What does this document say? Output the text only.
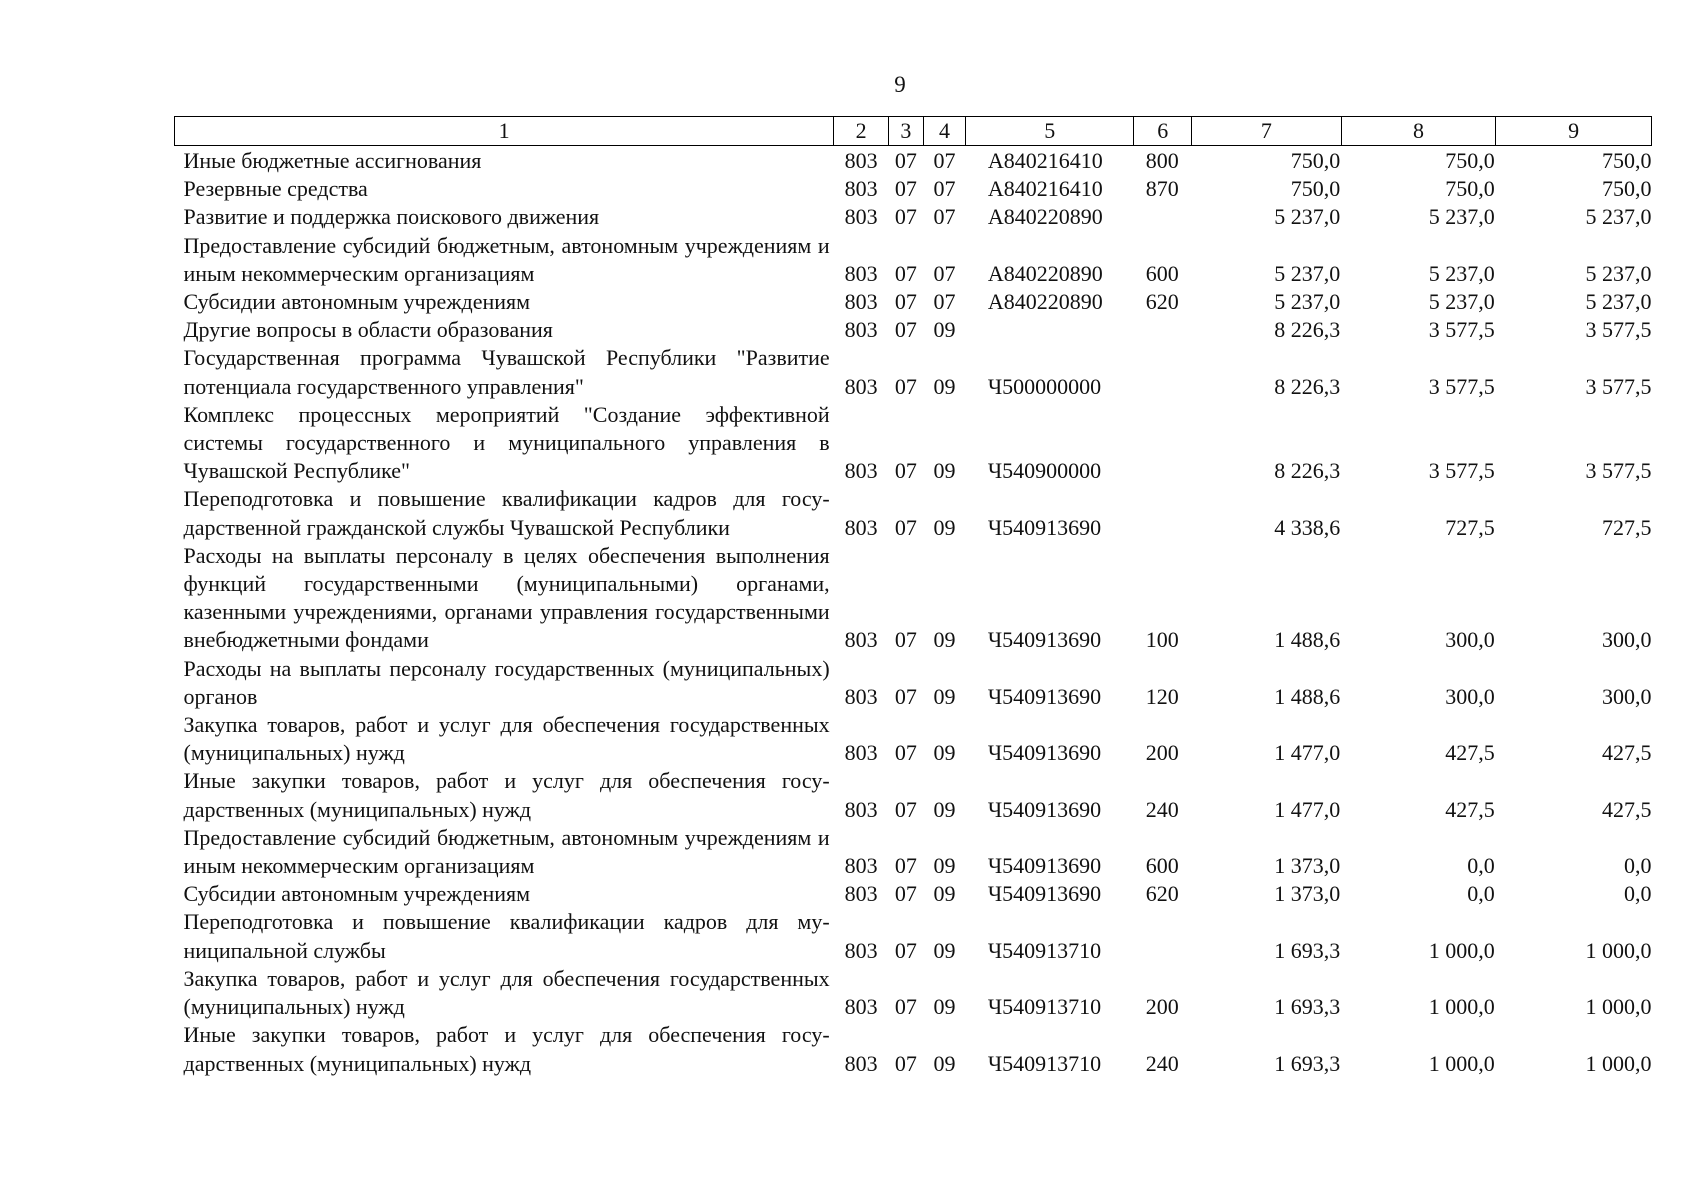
9
1	2	3	4	5	6	7	8	9
Иные бюджетные ассигнования	803	07	07	A840216410	800	750,0	750,0	750,0
Резервные средства	803	07	07	A840216410	870	750,0	750,0	750,0
Развитие и поддержка поискового движения	803	07	07	A840220890		5 237,0	5 237,0	5 237,0
Предоставление субсидий бюджетным, автономным учреждениям и иным некоммерческим организациям	803	07	07	A840220890	600	5 237,0	5 237,0	5 237,0
Субсидии автономным учреждениям	803	07	07	A840220890	620	5 237,0	5 237,0	5 237,0
Другие вопросы в области образования	803	07	09			8 226,3	3 577,5	3 577,5
Государственная программа Чувашской Республики "Развитие потенциала государственного управления"	803	07	09	Ч500000000		8 226,3	3 577,5	3 577,5
Комплекс процессных мероприятий "Создание эффективной системы государственного и муниципального управления в Чувашской Республике"	803	07	09	Ч540900000		8 226,3	3 577,5	3 577,5
Переподготовка и повышение квалификации кадров для государственной гражданской службы Чувашской Республики	803	07	09	Ч540913690		4 338,6	727,5	727,5
Расходы на выплаты персоналу в целях обеспечения выполнения функций государственными (муниципальными) органами, казенными учреждениями, органами управления государственными внебюджетными фондами	803	07	09	Ч540913690	100	1 488,6	300,0	300,0
Расходы на выплаты персоналу государственных (муниципальных) органов	803	07	09	Ч540913690	120	1 488,6	300,0	300,0
Закупка товаров, работ и услуг для обеспечения государственных (муниципальных) нужд	803	07	09	Ч540913690	200	1 477,0	427,5	427,5
Иные закупки товаров, работ и услуг для обеспечения государственных (муниципальных) нужд	803	07	09	Ч540913690	240	1 477,0	427,5	427,5
Предоставление субсидий бюджетным, автономным учреждениям и иным некоммерческим организациям	803	07	09	Ч540913690	600	1 373,0	0,0	0,0
Субсидии автономным учреждениям	803	07	09	Ч540913690	620	1 373,0	0,0	0,0
Переподготовка и повышение квалификации кадров для муниципальной службы	803	07	09	Ч540913710		1 693,3	1 000,0	1 000,0
Закупка товаров, работ и услуг для обеспечения государственных (муниципальных) нужд	803	07	09	Ч540913710	200	1 693,3	1 000,0	1 000,0
Иные закупки товаров, работ и услуг для обеспечения государственных (муниципальных) нужд	803	07	09	Ч540913710	240	1 693,3	1 000,0	1 000,0
